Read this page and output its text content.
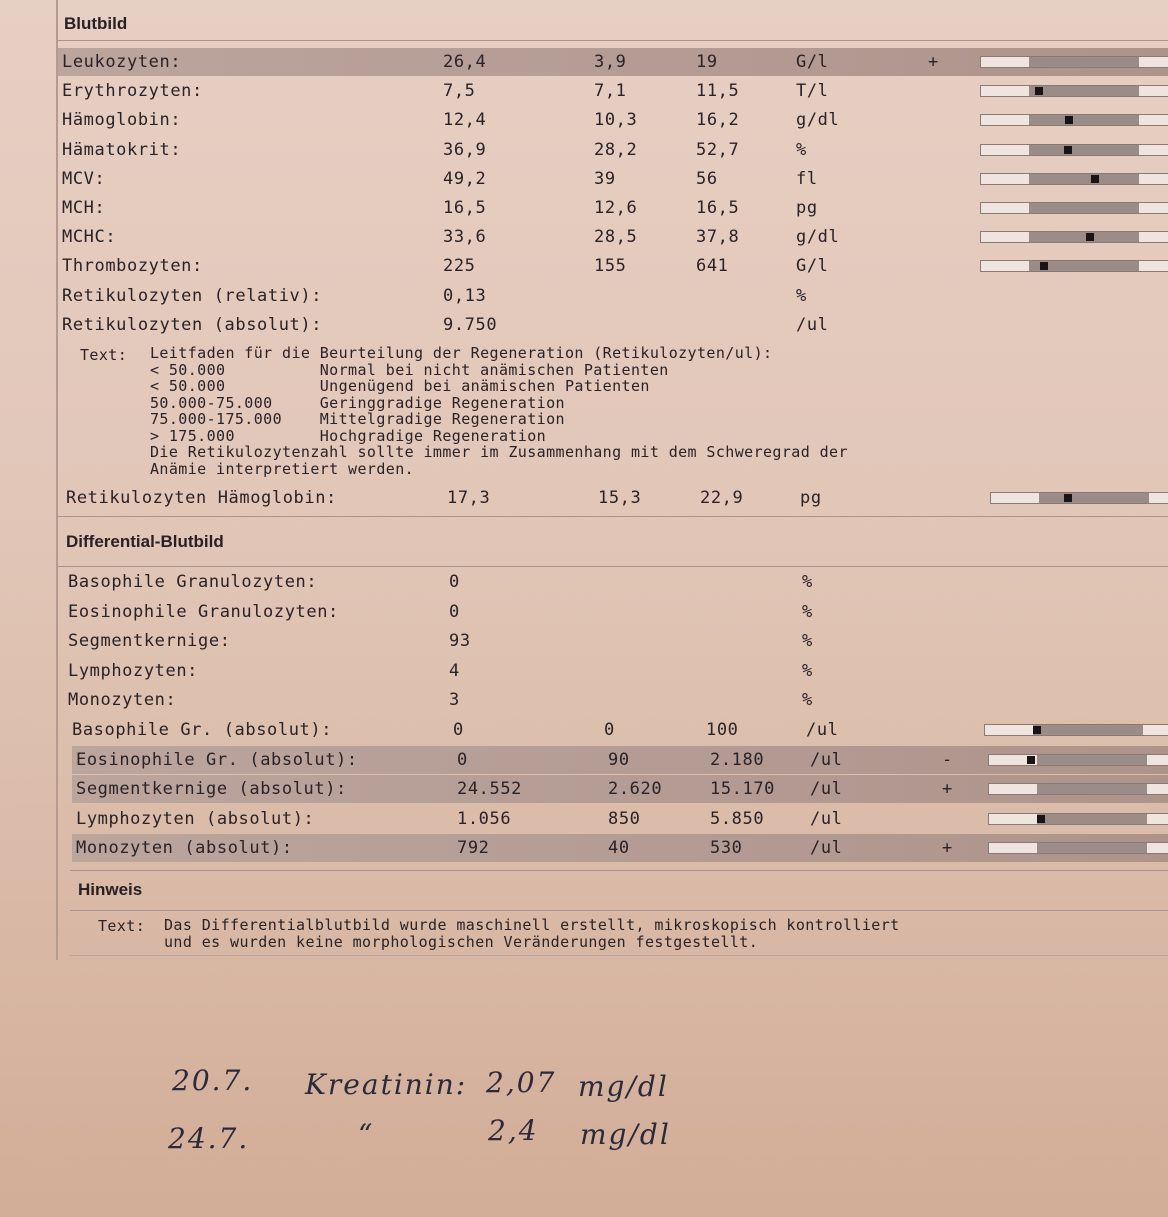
Blutbild
Leukozyten:	26,4	3,9	19	G/l	+
Erythrozyten:	7,5	7,1	11,5	T/l
Hämoglobin:	12,4	10,3	16,2	g/dl
Hämatokrit:	36,9	28,2	52,7	%
MCV:	49,2	39	56	fl
MCH:	16,5	12,6	16,5	pg
MCHC:	33,6	28,5	37,8	g/dl
Thrombozyten:	225	155	641	G/l
Retikulozyten (relativ):	0,13	%
Retikulozyten (absolut):	9.750	/ul
Text: Leitfaden für die Beurteilung der Regeneration (Retikulozyten/ul):
< 50.000          Normal bei nicht anämischen Patienten
< 50.000          Ungenügend bei anämischen Patienten
50.000-75.000     Geringgradige Regeneration
75.000-175.000    Mittelgradige Regeneration
> 175.000         Hochgradige Regeneration
Die Retikulozytenzahl sollte immer im Zusammenhang mit dem Schweregrad der
Anämie interpretiert werden.
Retikulozyten Hämoglobin:	17,3	15,3	22,9	pg
Differential-Blutbild
Basophile Granulozyten:	0	%
Eosinophile Granulozyten:	0	%
Segmentkernige:	93	%
Lymphozyten:	4	%
Monozyten:	3	%
Basophile Gr. (absolut):	0	0	100	/ul
Eosinophile Gr. (absolut):	0	90	2.180	/ul	-
Segmentkernige (absolut):	24.552	2.620	15.170 /ul	+
Lymphozyten (absolut):	1.056	850	5.850	/ul
Monozyten (absolut):	792	40	530	/ul	+
Hinweis
Text: Das Differentialblutbild wurde maschinell erstellt, mikroskopisch kontrolliert
und es wurden keine morphologischen Veränderungen festgestellt.
20.7. Kreatinin: 2,07 mg/dl
24.7.	“	2,4 mg/dl
